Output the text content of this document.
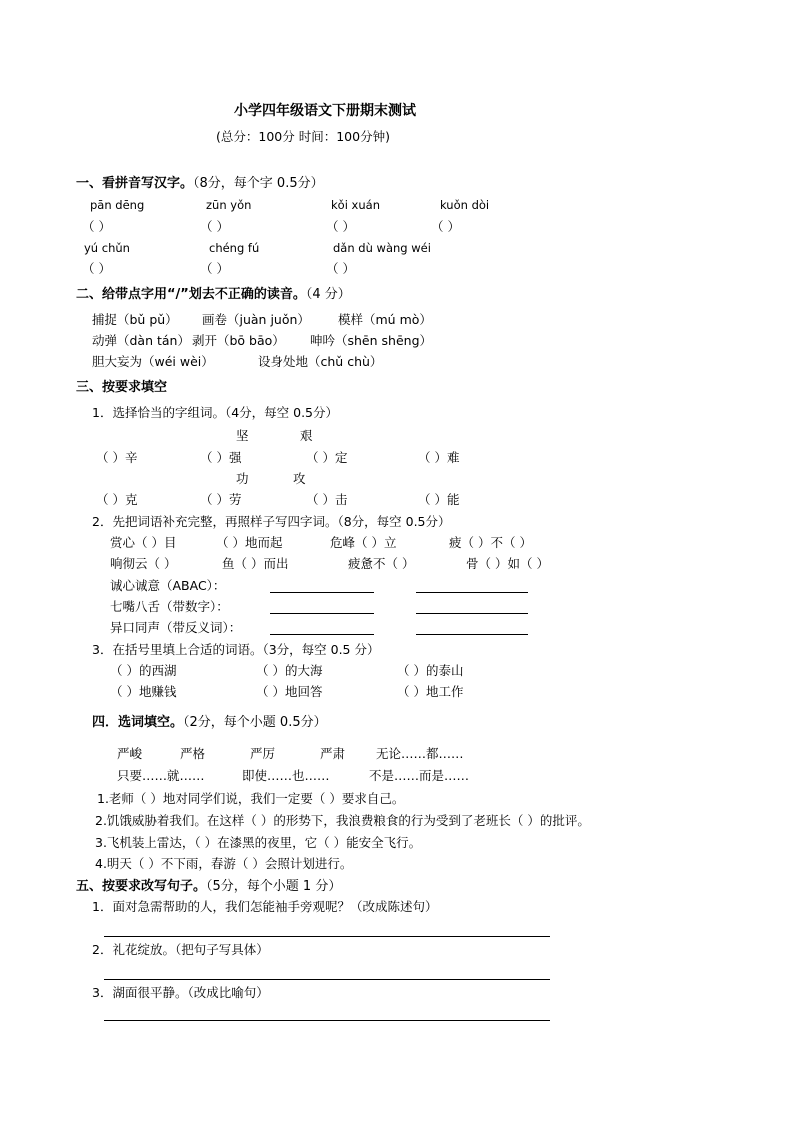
小学四年级语文下册期末测试
(总分：100分 时间：100分钟)
一、看拼音写汉字。（8分，每个字 0.5分）
pān dēng	zūn yǒn	kǒi xuán	kuǒn dòi
（ ）	（ ）	（ ）	（ ）
yú chǔn	chéng fú	dǎn dù wàng wéi
（ ）	（ ）	（ ）
二、给带点字用“/”划去不正确的读音。（4 分）
捕捉（bǔ pǔ） 画卷（juàn juǒn） 模样（mú mò）
动弹（dàn tán） 剥开（bō bāo） 呻吟（shēn shēng）
胆大妄为（wéi wèi）	设身处地（chǔ chù）
三、按要求填空
1．选择恰当的字组词。（4分，每空 0.5分）
坚	艰
（ ）辛	（ ）强	（ ）定	（ ）难
功	攻
（ ）克	（ ）劳	（ ）击	（ ）能
2．先把词语补充完整，再照样子写四字词。（8分，每空 0.5分）
赏心（ ）目	（ ）地而起	危峰（ ）立	疲（ ）不（ ）
响彻云（ ）	鱼（ ）而出	疲惫不（ ）	骨（ ）如（ ）
诚心诚意（ABAC）：
七嘴八舌（带数字）：
异口同声（带反义词）：
3．在括号里填上合适的词语。（3分，每空 0.5 分）
（ ）的西湖	（ ）的大海	（ ）的泰山
（ ）地赚钱	（ ）地回答	（ ）地工作
四．选词填空。（2分，每个小题 0.5分）
严峻	严格	严厉	严肃 无论……都……
只要……就……	即使……也……	不是……而是……
1.老师（ ）地对同学们说，我们一定要（ ）要求自己。
2.饥饿威胁着我们。在这样（ ）的形势下，我浪费粮食的行为受到了老班长（ ）的批评。
3.飞机装上雷达，（ ）在漆黑的夜里，它（ ）能安全飞行。
4.明天（ ）不下雨，春游（ ）会照计划进行。
五、按要求改写句子。（5分，每个小题 1 分）
1．面对急需帮助的人，我们怎能袖手旁观呢？（改成陈述句）
2．礼花绽放。（把句子写具体）
3．湖面很平静。（改成比喻句）
